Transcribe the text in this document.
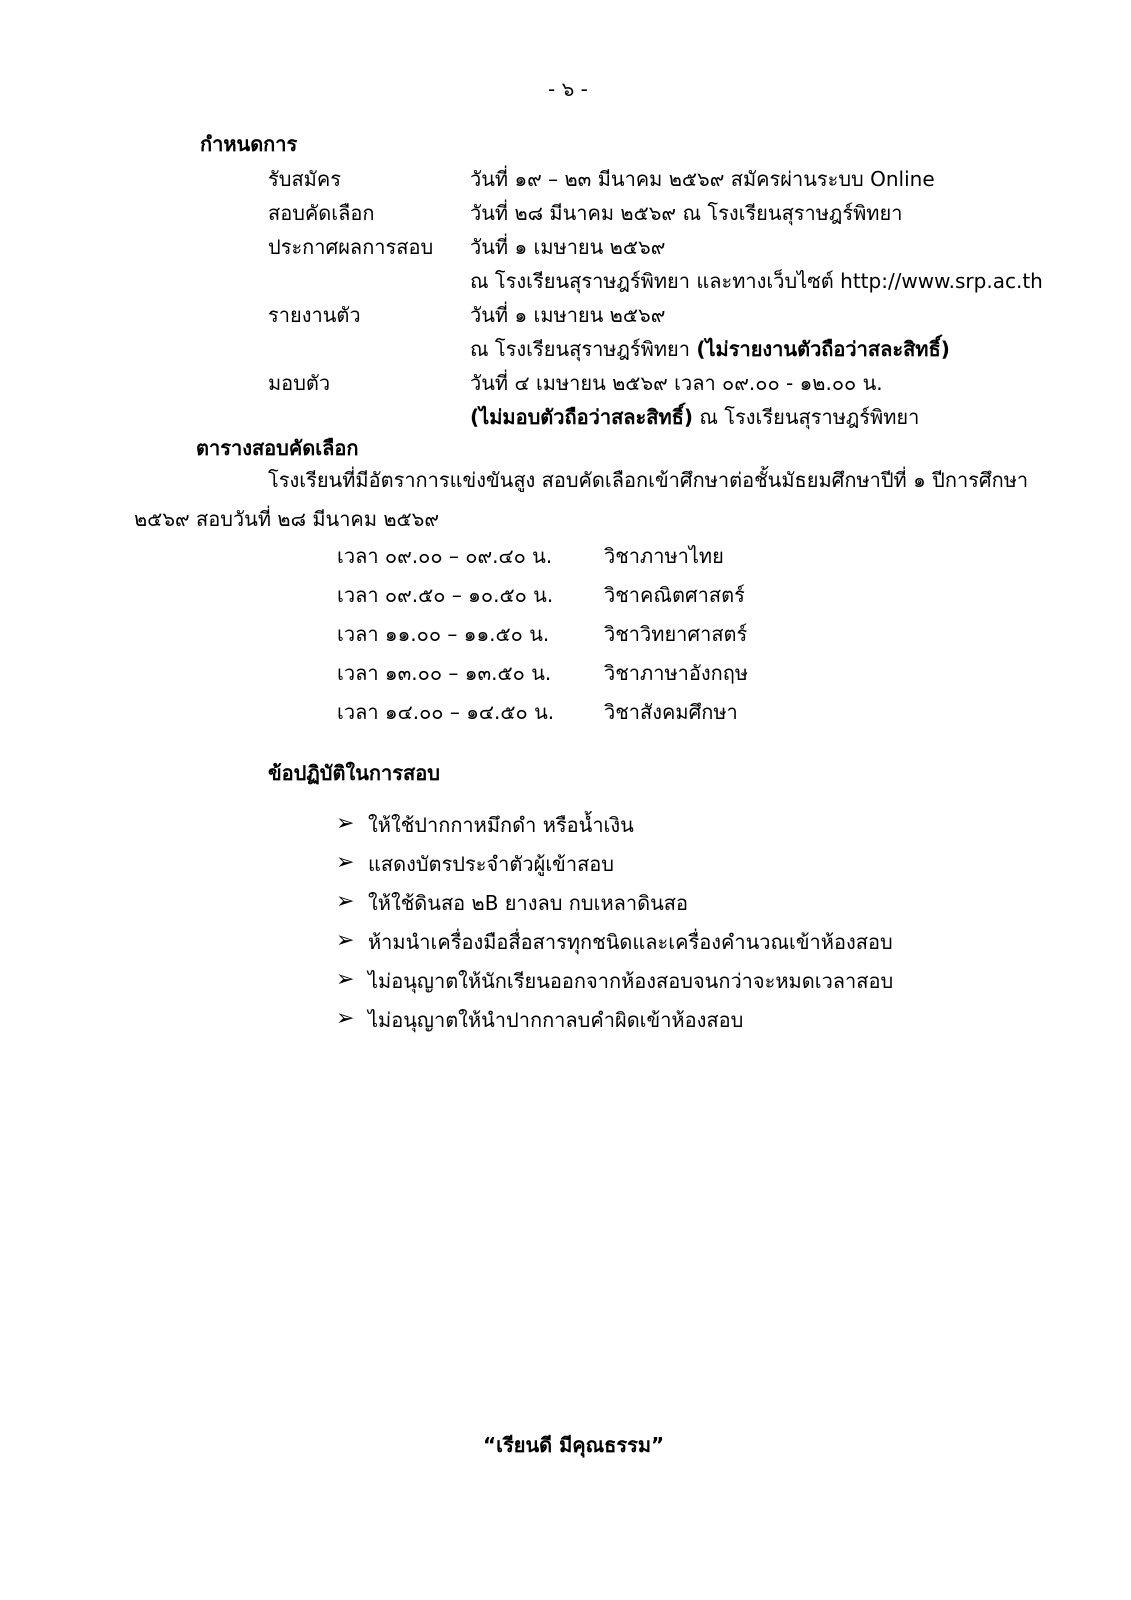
- ๖ -
กำหนดการ
รับสมัคร	วันที่ ๑๙ – ๒๓ มีนาคม ๒๕๖๙ สมัครผ่านระบบ Online
สอบคัดเลือก	วันที่ ๒๘ มีนาคม ๒๕๖๙ ณ โรงเรียนสุราษฎร์พิทยา
ประกาศผลการสอบ วันที่ ๑ เมษายน ๒๕๖๙
ณ โรงเรียนสุราษฎร์พิทยา และทางเว็บไซต์ http://www.srp.ac.th
รายงานตัว	วันที่ ๑ เมษายน ๒๕๖๙
ณ โรงเรียนสุราษฎร์พิทยา (ไม่รายงานตัวถือว่าสละสิทธิ์)
มอบตัว	วันที่ ๔ เมษายน ๒๕๖๙ เวลา ๐๙.๐๐ - ๑๒.๐๐ น.
(ไม่มอบตัวถือว่าสละสิทธิ์) ณ โรงเรียนสุราษฎร์พิทยา
ตารางสอบคัดเลือก
โรงเรียนที่มีอัตราการแข่งขันสูง สอบคัดเลือกเข้าศึกษาต่อชั้นมัธยมศึกษาปีที่ ๑ ปีการศึกษา
๒๕๖๙ สอบวันที่ ๒๘ มีนาคม ๒๕๖๙
เวลา ๐๙.๐๐ – ๐๙.๔๐ น.	วิชาภาษาไทย
เวลา ๐๙.๕๐ – ๑๐.๕๐ น.	วิชาคณิตศาสตร์
เวลา ๑๑.๐๐ – ๑๑.๕๐ น.	วิชาวิทยาศาสตร์
เวลา ๑๓.๐๐ – ๑๓.๕๐ น.	วิชาภาษาอังกฤษ
เวลา ๑๔.๐๐ – ๑๔.๕๐ น. วิชาสังคมศึกษา
ข้อปฏิบัติในการสอบ
➢ ให้ใช้ปากกาหมึกดำ หรือน้ำเงิน
➢ แสดงบัตรประจำตัวผู้เข้าสอบ
➢ ให้ใช้ดินสอ ๒B ยางลบ กบเหลาดินสอ
➢ ห้ามนำเครื่องมือสื่อสารทุกชนิดและเครื่องคำนวณเข้าห้องสอบ
➢ ไม่อนุญาตให้นักเรียนออกจากห้องสอบจนกว่าจะหมดเวลาสอบ
➢ ไม่อนุญาตให้นำปากกาลบคำผิดเข้าห้องสอบ
“เรียนดี มีคุณธรรม”
